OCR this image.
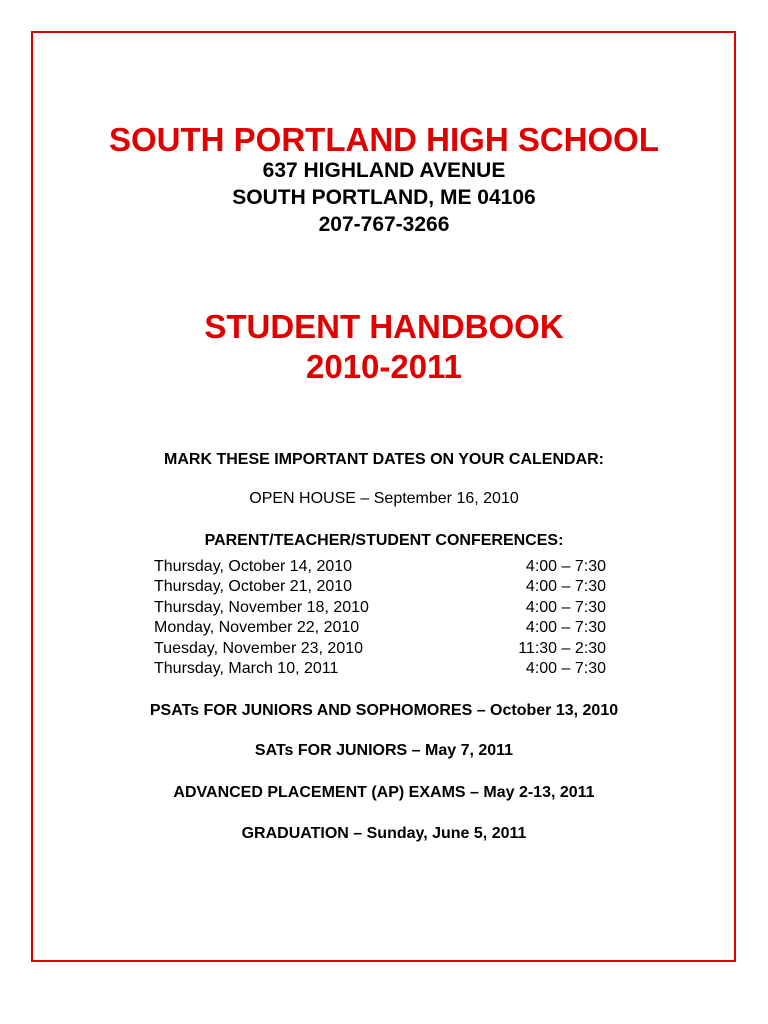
SOUTH PORTLAND HIGH SCHOOL
637 HIGHLAND AVENUE
SOUTH PORTLAND, ME 04106
207-767-3266
STUDENT HANDBOOK
2010-2011
MARK THESE IMPORTANT DATES ON YOUR CALENDAR:
OPEN HOUSE – September 16, 2010
PARENT/TEACHER/STUDENT CONFERENCES:
Thursday, October 14, 2010	4:00 – 7:30
Thursday, October 21, 2010	4:00 – 7:30
Thursday, November 18, 2010	4:00 – 7:30
Monday, November 22, 2010	4:00 – 7:30
Tuesday, November 23, 2010	11:30 – 2:30
Thursday, March 10, 2011	4:00 – 7:30
PSATs FOR JUNIORS AND SOPHOMORES – October 13, 2010
SATs FOR JUNIORS – May 7, 2011
ADVANCED PLACEMENT (AP) EXAMS – May 2-13, 2011
GRADUATION – Sunday, June 5, 2011
